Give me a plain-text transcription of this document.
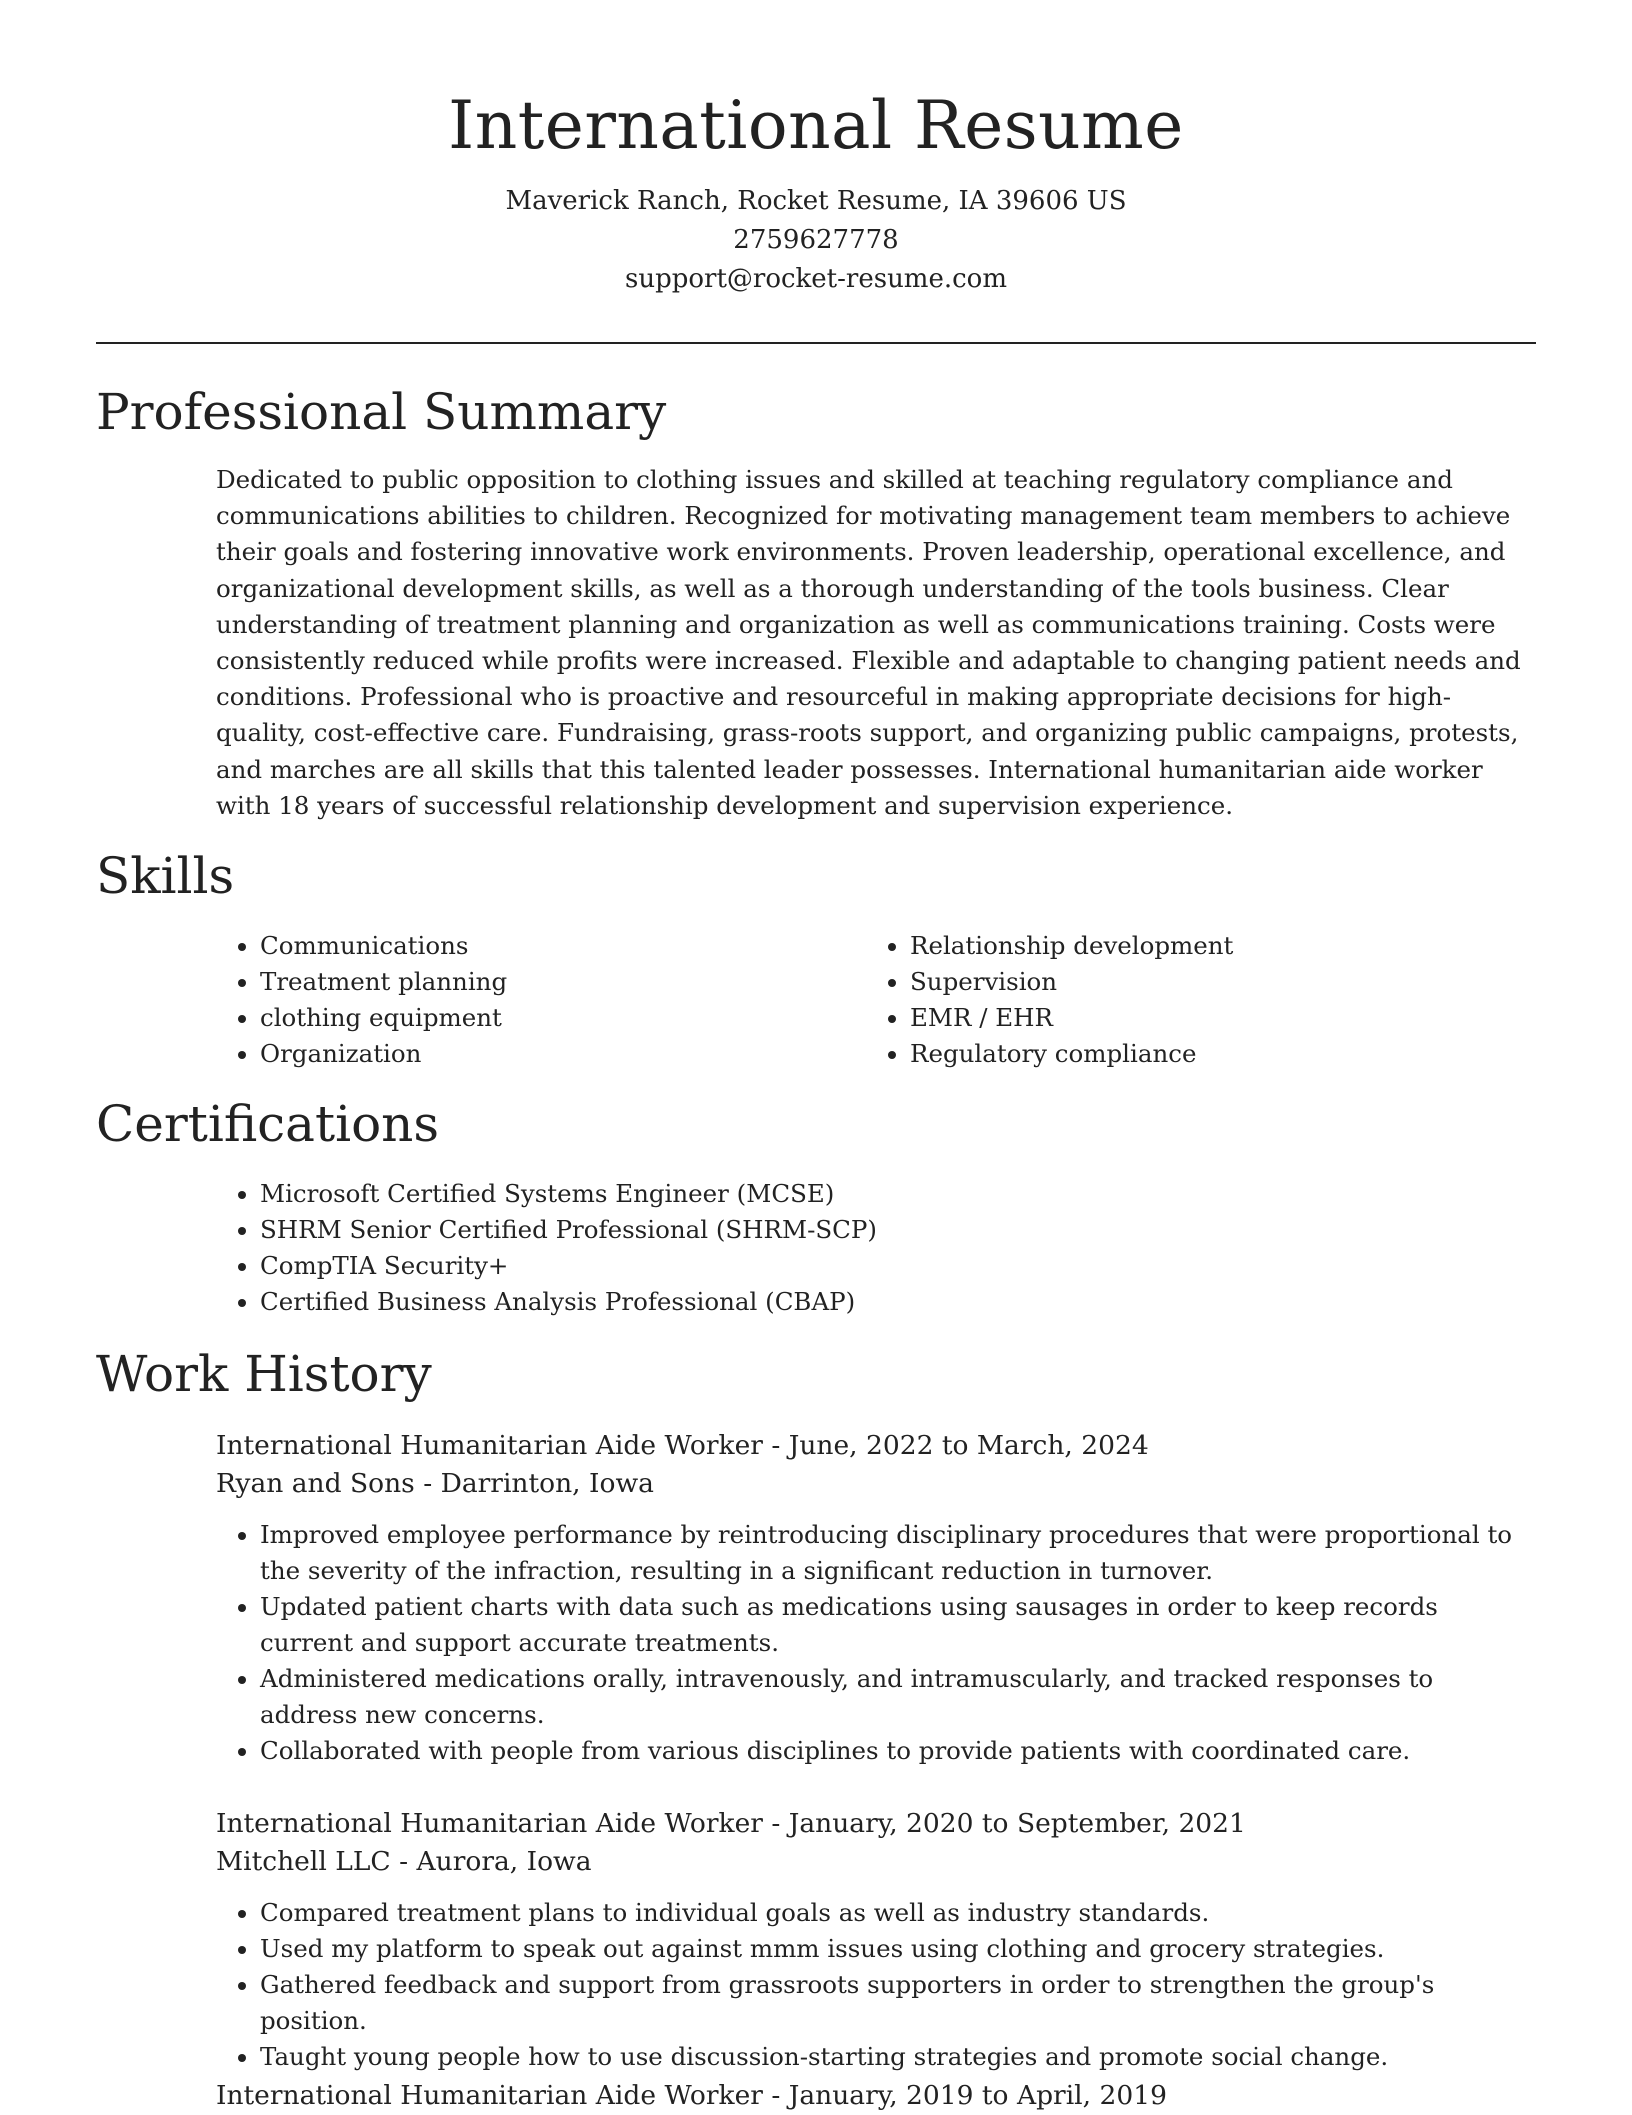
International Resume

Maverick Ranch, Rocket Resume, IA 39606 US

2759627778

support@rocket-resume.com

Professional Summary

Dedicated to public opposition to clothing issues and skilled at teaching regulatory compliance and communications abilities to children. Recognized for motivating management team members to achieve their goals and fostering innovative work environments. Proven leadership, operational excellence, and organizational development skills, as well as a thorough understanding of the tools business. Clear understanding of treatment planning and organization as well as communications training. Costs were consistently reduced while profits were increased. Flexible and adaptable to changing patient needs and conditions. Professional who is proactive and resourceful in making appropriate decisions for high-quality, cost-effective care. Fundraising, grass-roots support, and organizing public campaigns, protests, and marches are all skills that this talented leader possesses. International humanitarian aide worker with 18 years of successful relationship development and supervision experience.

Skills
• Communications
• Treatment planning
• clothing equipment
• Organization
• Relationship development
• Supervision
• EMR / EHR
• Regulatory compliance
Certifications
• Microsoft Certified Systems Engineer (MCSE)
• SHRM Senior Certified Professional (SHRM-SCP)
• CompTIA Security+
• Certified Business Analysis Professional (CBAP)
Work History

International Humanitarian Aide Worker - June, 2022 to March, 2024

Ryan and Sons - Darrinton, Iowa

• Improved employee performance by reintroducing disciplinary procedures that were proportional to the severity of the infraction, resulting in a significant reduction in turnover.
• Updated patient charts with data such as medications using sausages in order to keep records current and support accurate treatments.
• Administered medications orally, intravenously, and intramuscularly, and tracked responses to address new concerns.
• Collaborated with people from various disciplines to provide patients with coordinated care.

International Humanitarian Aide Worker - January, 2020 to September, 2021

Mitchell LLC - Aurora, Iowa

• Compared treatment plans to individual goals as well as industry standards.
• Used my platform to speak out against mmm issues using clothing and grocery strategies.
• Gathered feedback and support from grassroots supporters in order to strengthen the group's position.
• Taught young people how to use discussion-starting strategies and promote social change.

International Humanitarian Aide Worker - January, 2019 to April, 2019
